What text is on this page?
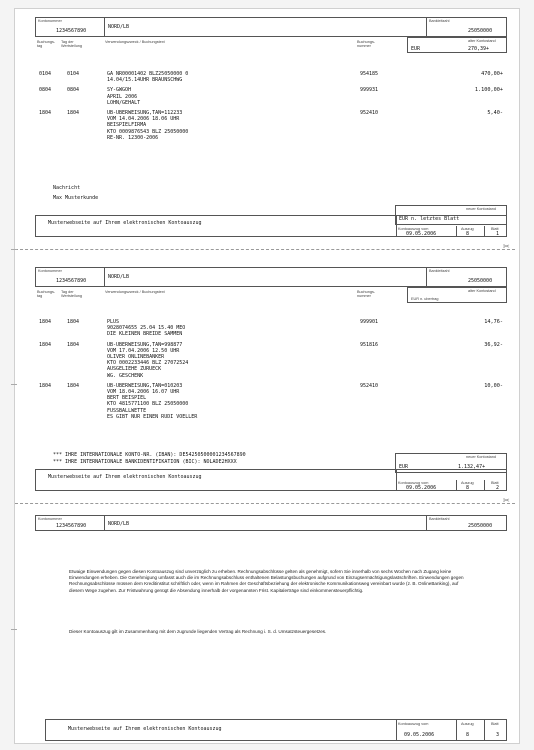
Kontonummer
1234567890
NORD/LB
Bankleitzahl
25050000
Buchungs-tag
Tag der Wertstellung
Verwendungszweck / Buchungstext	Buchungs-nummer
alter Kontostand
EUR	270,39+
0104	0104	GA NR00001402 BLZ25050000 0
14.04/15.14UHR BRAUNSCHWG
954185	470,00+
0804	0804	SY-GWGOH
APRIL 2006
LOHN/GEHALT
999931	1.100,00+
1804	1804	UB-UBERWEISUNG,TAN=112233
VOM 14.04.2006 18.06 UHR
BEISPIELFIRMA
KTO 0009876543 BLZ 25050000
RE-NR. 12300-2006
952410	5,40-
Nachricht
Max Musterkunde
neuer Kontostand
EUR n. letztes Blatt
Musterwebseite auf Ihrem elektronischen Kontoauszug
Kontoauszug vom	Auszug	Blatt
09.05.2006	8	1
✂
Kontonummer
1234567890
NORD/LB
Bankleitzahl
25050000
Buchungs-tag
Tag der Wertstellung
Verwendungszweck / Buchungstext	Buchungs-nummer
alter Kontostand
EUR n. ubertrag
1804	1804	PLUS
9028074655 25.04 15.40 MEO
DIE KLEINEN BREIDE SAMMEN
999901	14,76-
1804	1804	UB-UBERWEISUNG,TAN=998877
VOM 17.04.2006 12.50 UHR
OLIVER ONLINEBANKER
KTO 0002233446 BLZ 27072524
AUSGELIEHE ZURUECK
WG. GESCHENK
951816	36,92-
1804	1804	UB-UBERWEISUNG,TAN=010203
VOM 18.04.2006 16.07 UHR
BERT BEISPIEL
KTO 4815771100 BLZ 25050000
FUSSBALLWETTE
ES GIBT NUR EINEN RUDI VOELLER
952410	10,00-
*** IHRE INTERNATIONALE KONTO-NR. (IBAN): DE54250500001234567890
*** IHRE INTERNATIONALE BANKIDENTIFIKATION (BIC): NOLADE2HXXX
neuer Kontostand
EUR	1.132,47+
Musterwebseite auf Ihrem elektronischen Kontoauszug
Kontoauszug vom	Auszug	Blatt
09.05.2006	8	2
✂
Kontonummer
1234567890	NORD/LB
Bankleitzahl
25050000
Etwaige Einwendungen gegen diesen Kontoauszug sind unverzüglich zu erheben. Rechnungsabschlüsse gelten als genehmigt, sofern Sie innerhalb von sechs Wochen nach Zugang keine Einwendungen erheben. Die Genehmigung umfasst auch die im Rechnungsabschluss enthaltenen Belastungsbuchungen aufgrund von Einzugsermächtigungslastschriften. Einwendungen gegen Rechnungsabschlüsse müssen dem Kreditinstitut schriftlich oder, wenn im Rahmen der Geschäftsbeziehung der elektronische Kommunikationsweg vereinbart wurde (z. B. OnlineBanking), auf diesem Wege zugehen. Zur Fristwahrung genügt die Absendung innerhalb der vorgenannten Frist. Kapitalerträge sind einkommensteuerpflichtig.
Dieser Kontoauszug gilt im Zusammenhang mit dem zugrunde liegenden Vertrag als Rechnung i. S. d. Umsatzsteuergesetzes.
Musterwebseite auf Ihrem elektronischen Kontoauszug
Kontoauszug vom	Auszug	Blatt
09.05.2006	8	3
